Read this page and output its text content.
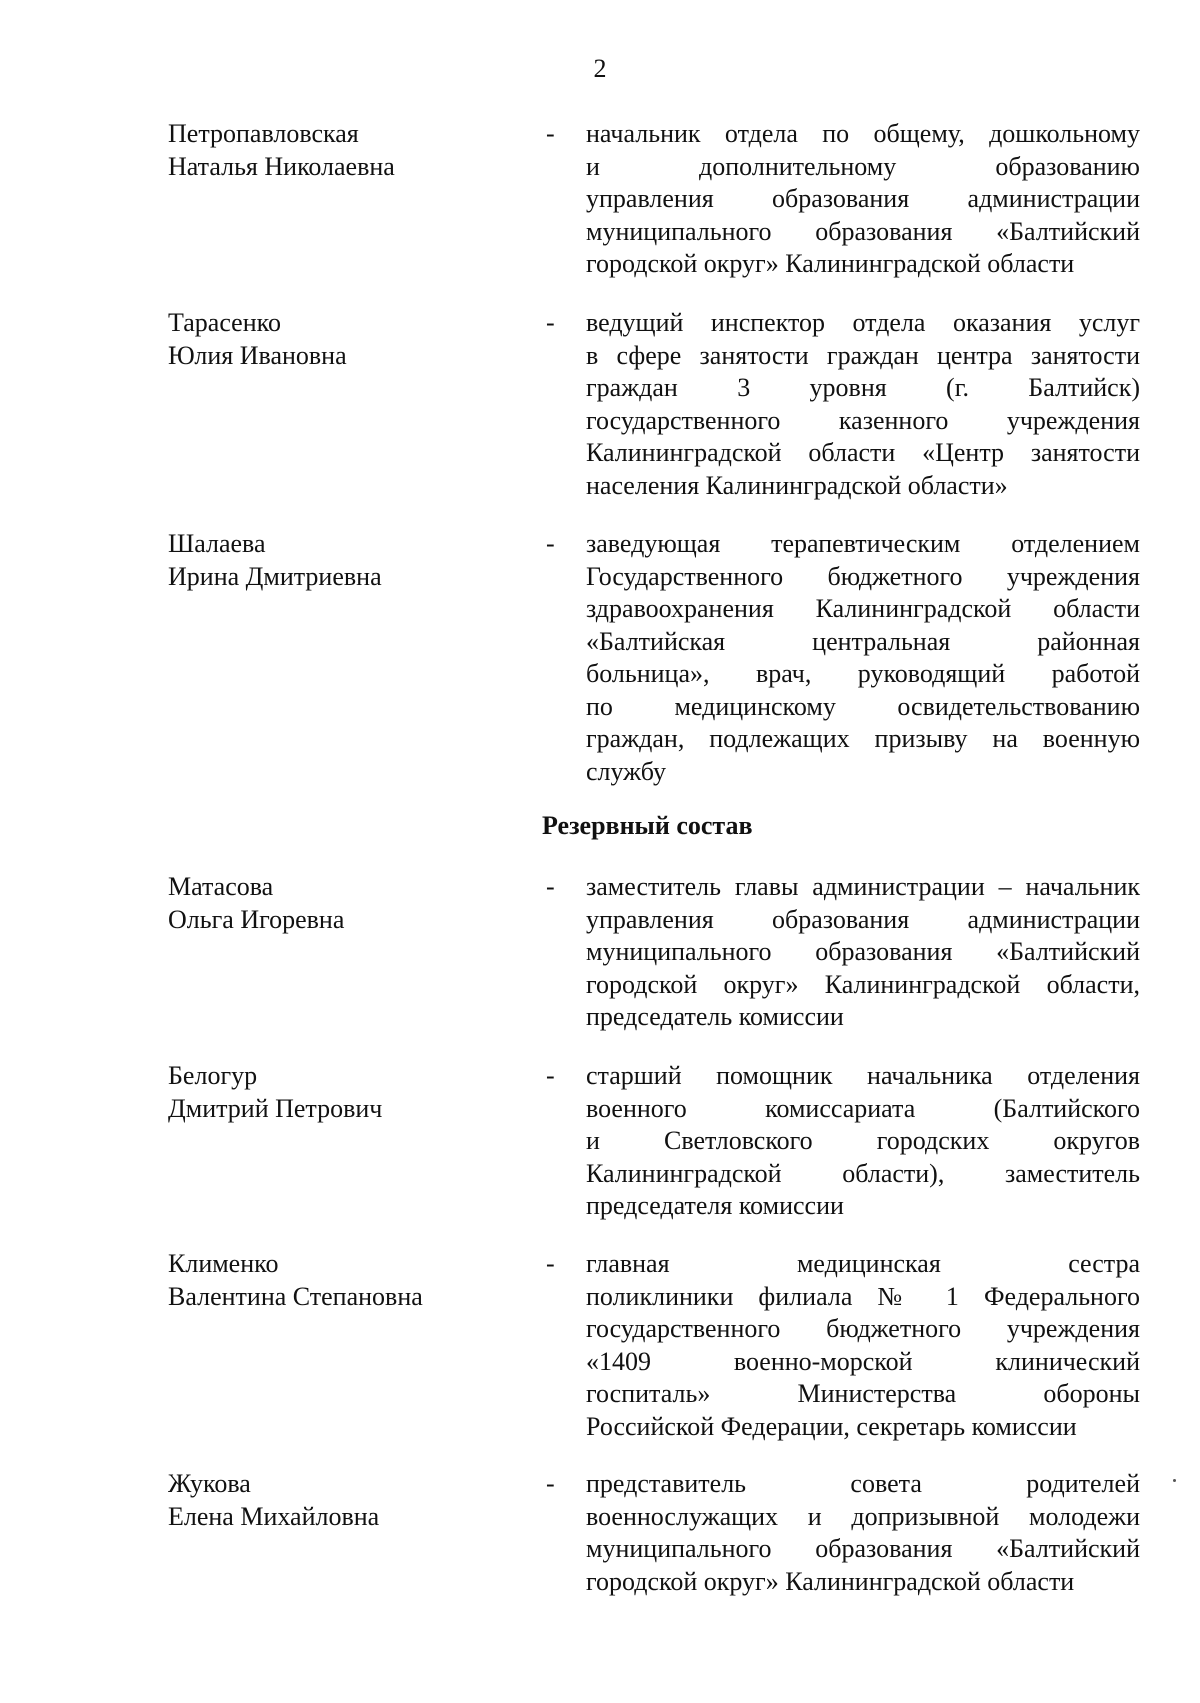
2
Петропавловская
Наталья Николаевна
- начальник отдела по общему, дошкольному
и дополнительному образованию
управления образования администрации
муниципального образования «Балтийский
городской округ» Калининградской области
Тарасенко
Юлия Ивановна
- ведущий инспектор отдела оказания услуг
в сфере занятости граждан центра занятости
граждан 3 уровня (г. Балтийск)
государственного казенного учреждения
Калининградской области «Центр занятости
населения Калининградской области»
Шалаева
Ирина Дмитриевна
- заведующая терапевтическим отделением
Государственного бюджетного учреждения
здравоохранения Калининградской области
«Балтийская центральная районная
больница», врач, руководящий работой
по медицинскому освидетельствованию
граждан, подлежащих призыву на военную
службу
Резервный состав
Матасова
Ольга Игоревна
- заместитель главы администрации – начальник
управления образования администрации
муниципального образования «Балтийский
городской округ» Калининградской области,
председатель комиссии
Белогур
Дмитрий Петрович
- старший помощник начальника отделения
военного комиссариата (Балтийского
и Светловского городских округов
Калининградской области), заместитель
председателя комиссии
Клименко
Валентина Степановна
- главная медицинская сестра
поликлиники филиала № 1 Федерального
государственного бюджетного учреждения
«1409 военно-морской клинический
госпиталь» Министерства обороны
Российской Федерации, секретарь комиссии
Жукова
Елена Михайловна
- представитель совета родителей
военнослужащих и допризывной молодежи
муниципального образования «Балтийский
городской округ» Калининградской области
